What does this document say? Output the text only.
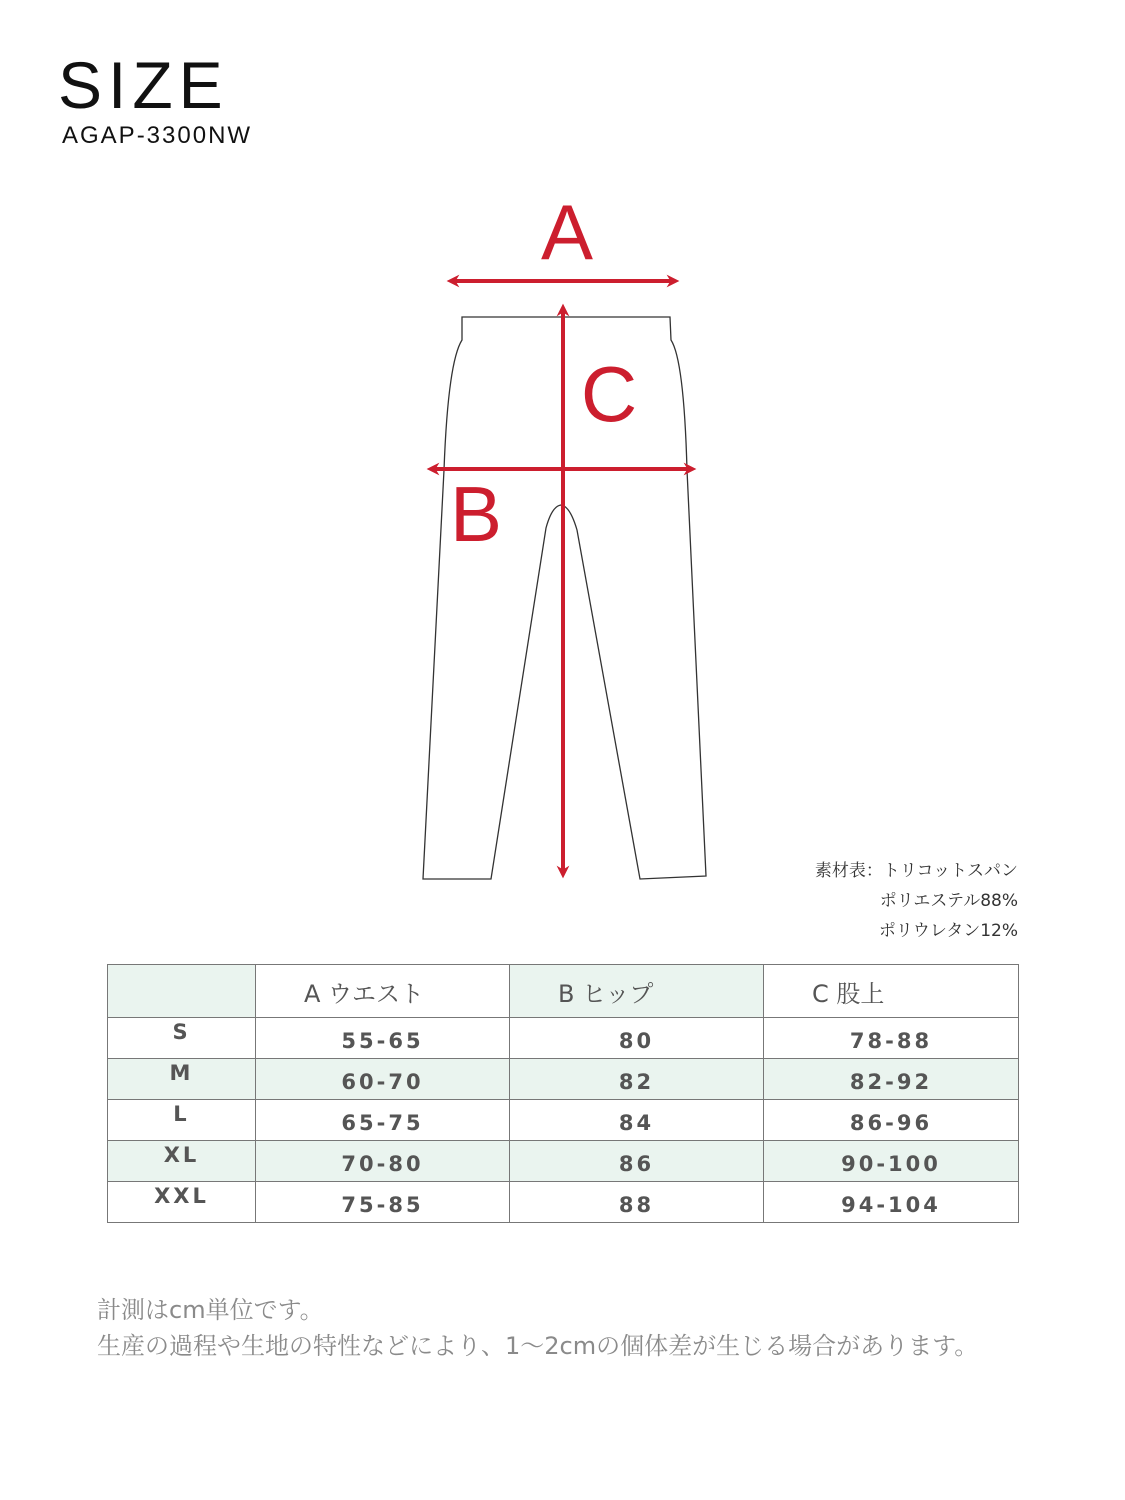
SIZE
AGAP-3300NW
A
C
B
素材表：トリコットスパン
ポリエステル88%
ポリウレタン12%
	A ウエスト	B ヒップ	C 股上
S	55-65	80	78-88
M	60-70	82	82-92
L	65-75	84	86-96
XL	70-80	86	90-100
XXL	75-85	88	94-104
計測はcm単位です。
生産の過程や生地の特性などにより、1〜2cmの個体差が生じる場合があります。
